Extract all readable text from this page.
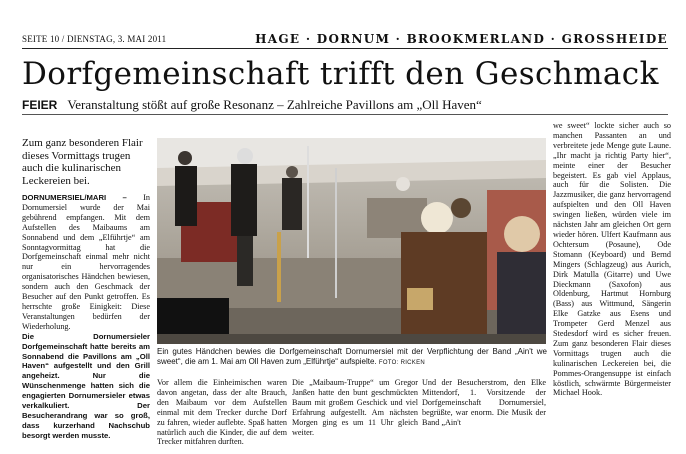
SEITE 10 / DIENSTAG, 3. MAI 2011	HAGE · DORNUM · BROOKMERLAND · GROSSHEIDE
Dorfgemeinschaft trifft den Geschmack
FEIER Veranstaltung stößt auf große Resonanz – Zahlreiche Pavillons am „Oll Haven“

Zum ganz besonderen Flair dieses Vormittags trugen auch die kulinarischen Leckereien bei.

DORNUMERSIEL/MARI – In Dornumersiel wurde der Mai gebührend empfangen. Mit dem Aufstellen des Maibaums am Sonnabend und dem „Elführtje“ am Sonntagvormittag hat die Dorfgemeinschaft einmal mehr nicht nur ein hervorragendes organisatorisches Händchen bewiesen, sondern auch den Geschmack der Besucher auf den Punkt getroffen. Es herrschte große Einigkeit: Diese Veranstaltungen bedürfen der Wiederholung.

Die Dornumersieler Dorfgemeinschaft hatte bereits am Sonnabend die Pavillons am „Oll Haven“ aufgestellt und den Grill angeheizt. Nur die Wünschenmenge hatten sich die engagierten Dornumersieler etwas verkalkuliert. Der Besucherandrang war so groß, dass kurzerhand Nachschub besorgt werden musste.

Ein gutes Händchen bewies die Dorfgemeinschaft Dornumersiel mit der Verpflichtung der Band „Ain't we sweet“, die am 1. Mai am Oll Haven zum „Elführtje“ aufspielte. FOTO: RICKEN

Vor allem die Einheimischen waren davon angetan, dass der alte Brauch, den Maibaum vor dem Aufstellen einmal mit dem Trecker durche Dorf zu fahren, wieder auflebte. Spaß hatten natürlich auch die Kinder, die auf dem Trecker mitfahren durften.

Die „Maibaum-Truppe“ um Gregor Janßen hatte den bunt geschmückten Baum mit großem Geschick und viel Erfahrung aufgestellt. Am nächsten Morgen ging es um 11 Uhr gleich weiter.

Und der Besucherstrom, den Elke Mittendorf, 1. Vorsitzende der Dorfgemeinschaft Dornumersiel, begrüßte, war enorm. Die Musik der Band „Ain't

we sweet“ lockte sicher auch so manchen Passanten an und verbreitete jede Menge gute Laune. „Ihr macht ja richtig Party hier“, meinte einer der Besucher begeistert. Es gab viel Applaus, auch für die Solisten. Die Jazzmusiker, die ganz hervorragend aufspielten und den Oll Haven swingen ließen, würden viele im nächsten Jahr am gleichen Ort gern wieder hören. Ulfert Kaufmann aus Ochtersum (Posaune), Ode Stomann (Keyboard) und Bernd Mingers (Schlagzeug) aus Aurich, Dirk Matulla (Gitarre) und Uwe Dieckmann (Saxofon) aus Oldenburg, Hartmut Hornburg (Bass) aus Wittmund, Sängerin Elke Gatzke aus Esens und Trompeter Gerd Menzel aus Stedesdorf wird es sicher freuen. Zum ganz besonderen Flair dieses Vormittags trugen auch die kulinarischen Leckereien bei, die Pommes-Orangensuppe ist einfach köstlich, schwärmte Bürgermeister Michael Hook.
